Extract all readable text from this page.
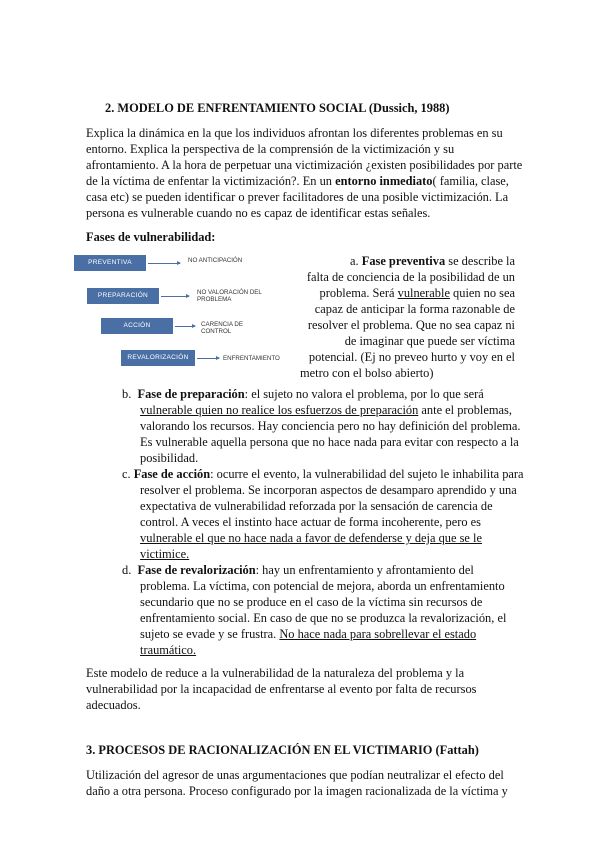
2. MODELO DE ENFRENTAMIENTO SOCIAL (Dussich, 1988)

Explica la dinámica en la que los individuos afrontan los diferentes problemas en su

entorno. Explica la perspectiva de la comprensión de la victimización y su

afrontamiento. A la hora de perpetuar una victimización ¿existen posibilidades por parte

de la víctima de enfentar la victimización?. En un entorno inmediato( familia, clase,

casa etc) se pueden identificar o prever facilitadores de una posible victimización. La

persona es vulnerable cuando no es capaz de identificar estas señales.

Fases de vulnerabilidad:

PREVENTIVA	NO ANTICIPACIÓN
PREPARACIÓN	NO VALORACIÓN DEL PROBLEMA
ACCIÓN	CARENCIA DE CONTROL
REVALORIZACIÓN	ENFRENTAMIENTO

a. Fase preventiva se describe la

falta de conciencia de la posibilidad de un

problema. Será vulnerable quien no sea

capaz de anticipar la forma razonable de

resolver el problema. Que no sea capaz ni

de imaginar que puede ser víctima

potencial. (Ej no preveo hurto y voy en el

metro con el bolso abierto)

b. Fase de preparación: el sujeto no valora el problema, por lo que será

vulnerable quien no realice los esfuerzos de preparación ante el problemas,

valorando los recursos. Hay conciencia pero no hay definición del problema.

Es vulnerable aquella persona que no hace nada para evitar con respecto a la

posibilidad.

c. Fase de acción: ocurre el evento, la vulnerabilidad del sujeto le inhabilita para

resolver el problema. Se incorporan aspectos de desamparo aprendido y una

expectativa de vulnerabilidad reforzada por la sensación de carencia de

control. A veces el instinto hace actuar de forma incoherente, pero es

vulnerable el que no hace nada a favor de defenderse y deja que se le

victimice.

d. Fase de revalorización: hay un enfrentamiento y afrontamiento del

problema. La víctima, con potencial de mejora, aborda un enfrentamiento

secundario que no se produce en el caso de la víctima sin recursos de

enfrentamiento social. En caso de que no se produzca la revalorización, el

sujeto se evade y se frustra. No hace nada para sobrellevar el estado

traumático.

Este modelo de reduce a la vulnerabilidad de la naturaleza del problema y la

vulnerabilidad por la incapacidad de enfrentarse al evento por falta de recursos

adecuados.

3. PROCESOS DE RACIONALIZACIÓN EN EL VICTIMARIO (Fattah)

Utilización del agresor de unas argumentaciones que podían neutralizar el efecto del

daño a otra persona. Proceso configurado por la imagen racionalizada de la víctima y
